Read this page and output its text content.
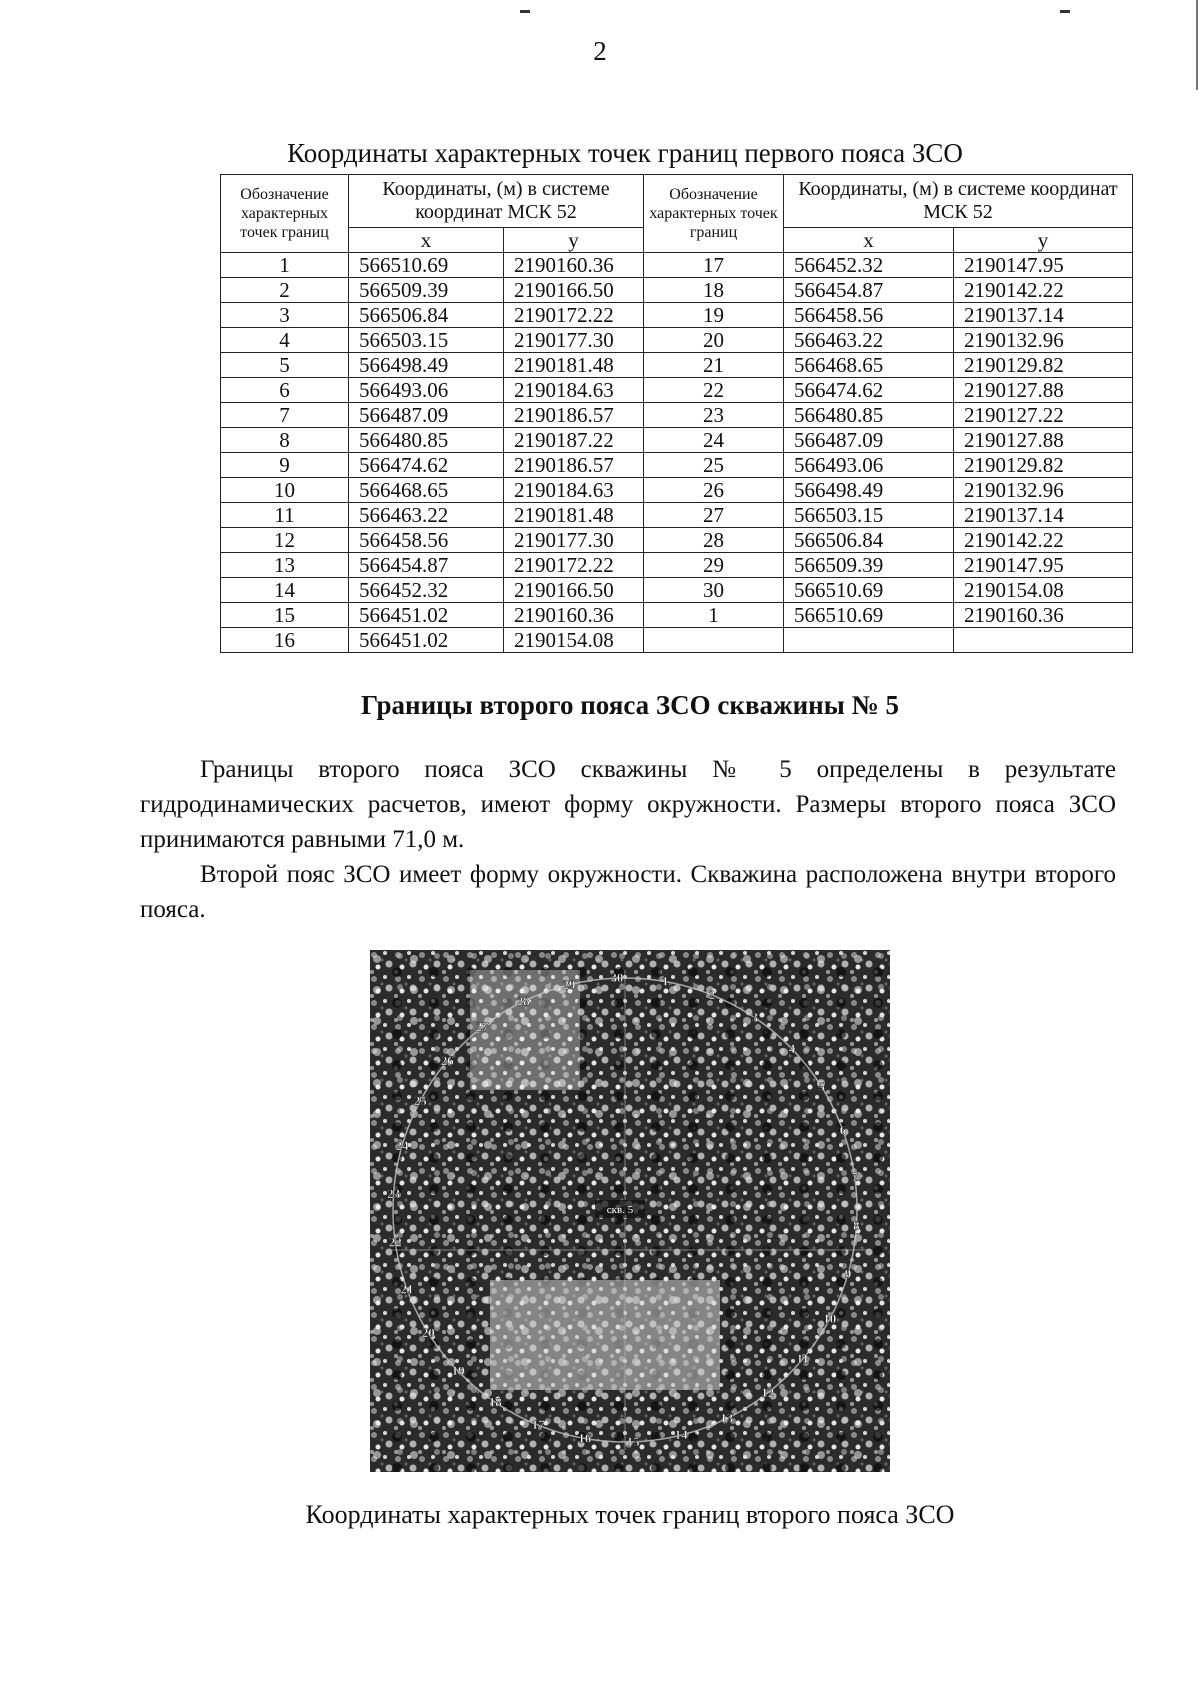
2
Координаты характерных точек границ первого пояса ЗСО
Обозначение характерных точек границ	Координаты, (м) в системе координат МСК 52		Обозначение характерных точек границ	Координаты, (м) в системе координат МСК 52	
	х	у		х	у
1	566510.69	2190160.36	17	566452.32	2190147.95
2	566509.39	2190166.50	18	566454.87	2190142.22
3	566506.84	2190172.22	19	566458.56	2190137.14
4	566503.15	2190177.30	20	566463.22	2190132.96
5	566498.49	2190181.48	21	566468.65	2190129.82
6	566493.06	2190184.63	22	566474.62	2190127.88
7	566487.09	2190186.57	23	566480.85	2190127.22
8	566480.85	2190187.22	24	566487.09	2190127.88
9	566474.62	2190186.57	25	566493.06	2190129.82
10	566468.65	2190184.63	26	566498.49	2190132.96
11	566463.22	2190181.48	27	566503.15	2190137.14
12	566458.56	2190177.30	28	566506.84	2190142.22
13	566454.87	2190172.22	29	566509.39	2190147.95
14	566452.32	2190166.50	30	566510.69	2190154.08
15	566451.02	2190160.36	1	566510.69	2190160.36
16	566451.02	2190154.08			
Границы второго пояса ЗСО скважины № 5
Границы второго пояса ЗСО скважины № 5 определены в результате гидродинамических расчетов, имеют форму окружности. Размеры второго пояса ЗСО принимаются равными 71,0 м.
Второй пояс ЗСО имеет форму окружности. Скважина расположена внутри второго пояса.
скв. 5
1
2
3
4
5
6
7
8
9
10
11
12
13
14
15
16
17
18
19
20
21
22
23
24
25
26
27
28
29	30
Координаты характерных точек границ второго пояса ЗСО
